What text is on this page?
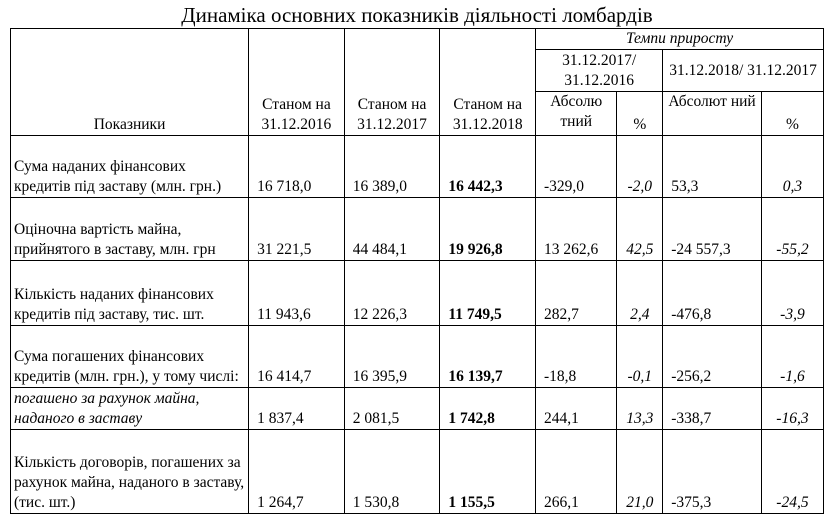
Динаміка основних показників діяльності ломбардів
Показники	Станом на 31.12.2016	Станом на 31.12.2017	Станом на 31.12.2018	Темпи приросту			
				31.12.2017/ 31.12.2016		31.12.2018/ 31.12.2017	
				Абсолю тний	%	Абсолют ний	%
Сума наданих фінансових кредитів під заставу (млн. грн.)	16 718,0	16 389,0	16 442,3	-329,0	-2,0	53,3	0,3
Оціночна вартість майна, прийнятого в заставу, млн. грн	31 221,5	44 484,1	19 926,8	13 262,6	42,5	-24 557,3	-55,2
Кількість наданих фінансових кредитів під заставу, тис. шт.	11 943,6	12 226,3	11 749,5	282,7	2,4	-476,8	-3,9
Сума погашених фінансових кредитів (млн. грн.), у тому числі:	16 414,7	16 395,9	16 139,7	-18,8	-0,1	-256,2	-1,6
погашено за рахунок майна, наданого в заставу	1 837,4	2 081,5	1 742,8	244,1	13,3	-338,7	-16,3
Кількість договорів, погашених за рахунок майна, наданого в заставу, (тис. шт.)	1 264,7	1 530,8	1 155,5	266,1	21,0	-375,3	-24,5
